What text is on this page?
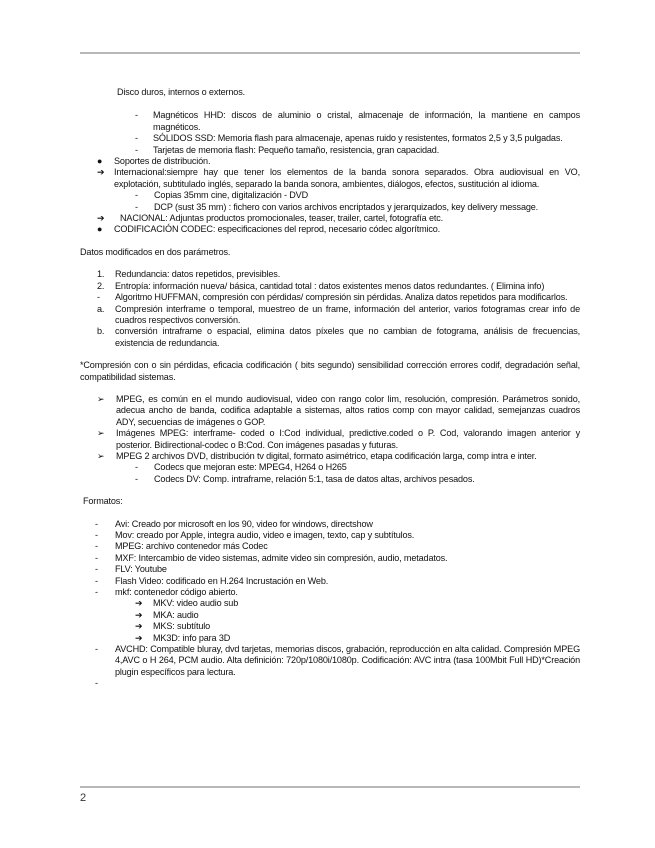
Disco duros, internos o externos.

-	Magnéticos HHD: discos de aluminio o cristal, almacenaje de información, la mantiene en campos magnéticos.
-	SÓLIDOS SSD: Memoria flash para almacenaje, apenas ruido y resistentes, formatos 2,5 y 3,5 pulgadas.
-	Tarjetas de memoria flash: Pequeño tamaño, resistencia, gran capacidad.
●	Soportes de distribución.
➔	Internacional:siempre hay que tener los elementos de la banda sonora separados. Obra audiovisual en VO, explotación, subtitulado inglés, separado la banda sonora, ambientes, diálogos, efectos, sustitución al idioma.
-	Copias 35mm cine, digitalización - DVD
-	DCP (sust 35 mm) : fichero con varios archivos encriptados y jerarquizados, key delivery message.
➔	NACIONAL: Adjuntas productos promocionales, teaser, trailer, cartel, fotografía etc.
●	CODIFICACIÓN CODEC: especificaciones del reprod, necesario códec algorítmico.

Datos modificados en dos parámetros.

1.	Redundancia: datos repetidos, previsibles.
2.	Entropía: información nueva/ básica, cantidad total : datos existentes menos datos redundantes. ( Elimina info)
-	Algoritmo HUFFMAN, compresión con pérdidas/ compresión sin pérdidas. Analiza datos repetidos para modificarlos.
a.	Compresión interframe o temporal, muestreo de un frame, información del anterior, varios fotogramas crear info de cuadros respectivos conversión.
b.	conversión intraframe o espacial, elimina datos píxeles que no cambian de fotograma, análisis de frecuencias, existencia de redundancia.

*Compresión con o sin pérdidas, eficacia codificación ( bits segundo) sensibilidad corrección errores codif, degradación señal, compatibilidad sistemas.

➢	MPEG, es común en el mundo audiovisual, video con rango color lim, resolución, compresión. Parámetros sonido, adecua ancho de banda, codifica adaptable a sistemas, altos ratios comp con mayor calidad, semejanzas cuadros ADY, secuencias de imágenes o GOP.
➢	Imágenes MPEG: interframe- coded o I:Cod individual, predictive.coded o P. Cod, valorando imagen anterior y posterior. Bidirectional-codec o B:Cod. Con imágenes pasadas y futuras.
➢	MPEG 2 archivos DVD, distribución tv digital, formato asimétrico, etapa codificación larga, comp intra e inter.
-	Codecs que mejoran este: MPEG4, H264 o H265
-	Codecs DV: Comp. intraframe, relación 5:1, tasa de datos altas, archivos pesados.

Formatos:

-	Avi: Creado por microsoft en los 90, video for windows, directshow
-	Mov: creado por Apple, integra audio, video e imagen, texto, cap y subtítulos.
-	MPEG: archivo contenedor más Codec
-	MXF: Intercambio de video sistemas, admite video sin compresión, audio, metadatos.
-	FLV: Youtube
-	Flash Video: codificado en H.264 Incrustación en Web.
-	mkf: contenedor código abierto.
➔	MKV: video audio sub
➔	MKA: audio
➔	MKS: subtítulo
➔	MK3D: info para 3D
-	AVCHD: Compatible bluray, dvd tarjetas, memorias discos, grabación, reproducción en alta calidad. Compresión MPEG 4,AVC o H 264, PCM audio. Alta definición: 720p/1080i/1080p. Codificación: AVC intra (tasa 100Mbit Full HD)*Creación plugin específicos para lectura.
-
2
